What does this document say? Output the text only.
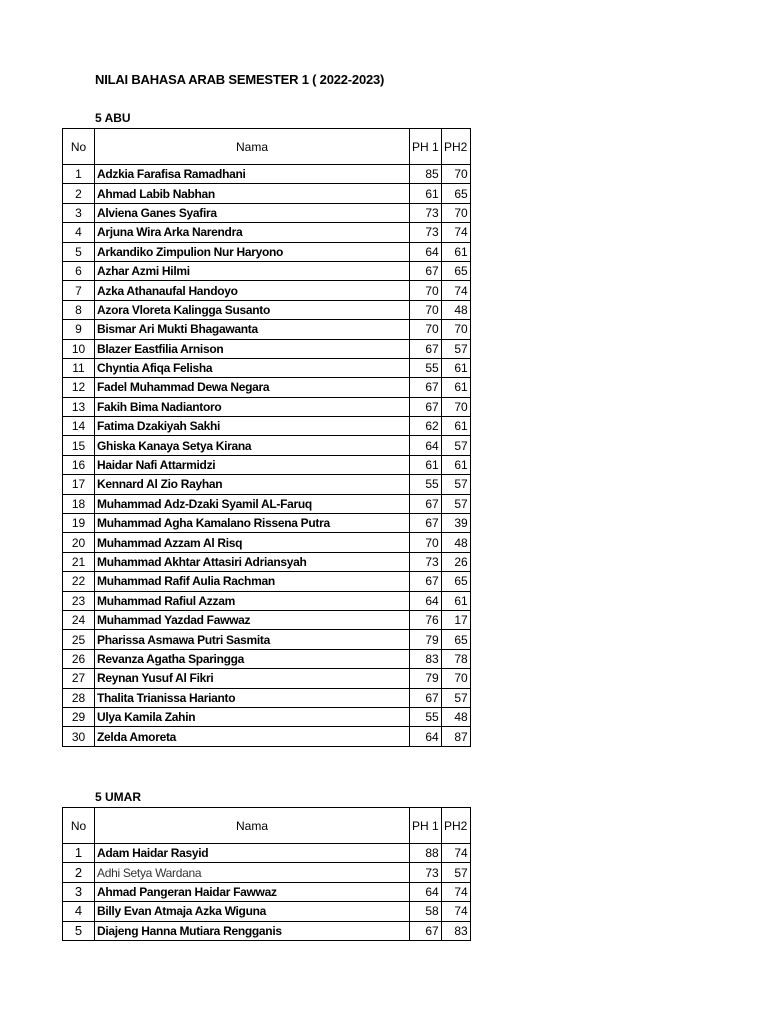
NILAI BAHASA ARAB SEMESTER 1 ( 2022-2023)
5 ABU
No	Nama	PH 1	PH2
1	Adzkia Farafisa Ramadhani	85	70
2	Ahmad Labib Nabhan	61	65
3	Alviena Ganes Syafira	73	70
4	Arjuna Wira Arka Narendra	73	74
5	Arkandiko Zimpulion Nur Haryono	64	61
6	Azhar Azmi Hilmi	67	65
7	Azka Athanaufal Handoyo	70	74
8	Azora Vloreta Kalingga Susanto	70	48
9	Bismar Ari Mukti Bhagawanta	70	70
10	Blazer Eastfilia Arnison	67	57
11	Chyntia Afiqa Felisha	55	61
12	Fadel Muhammad Dewa Negara	67	61
13	Fakih Bima Nadiantoro	67	70
14	Fatima Dzakiyah Sakhi	62	61
15	Ghiska Kanaya Setya Kirana	64	57
16	Haidar Nafi Attarmidzi	61	61
17	Kennard Al Zio Rayhan	55	57
18	Muhammad Adz-Dzaki Syamil AL-Faruq	67	57
19	Muhammad Agha Kamalano Rissena Putra	67	39
20	Muhammad Azzam Al Risq	70	48
21	Muhammad Akhtar Attasiri Adriansyah	73	26
22	Muhammad Rafif Aulia Rachman	67	65
23	Muhammad Rafiul Azzam	64	61
24	Muhammad Yazdad Fawwaz	76	17
25	Pharissa Asmawa Putri Sasmita	79	65
26	Revanza Agatha Sparingga	83	78
27	Reynan Yusuf Al Fikri	79	70
28	Thalita Trianissa Harianto	67	57
29	Ulya Kamila Zahin	55	48
30	Zelda Amoreta	64	87
5 UMAR
No	Nama	PH 1	PH2
1	Adam Haidar Rasyid	88	74
2	Adhi Setya Wardana	73	57
3	Ahmad Pangeran Haidar Fawwaz	64	74
4	Billy Evan Atmaja Azka Wiguna	58	74
5	Diajeng Hanna Mutiara Rengganis	67	83
